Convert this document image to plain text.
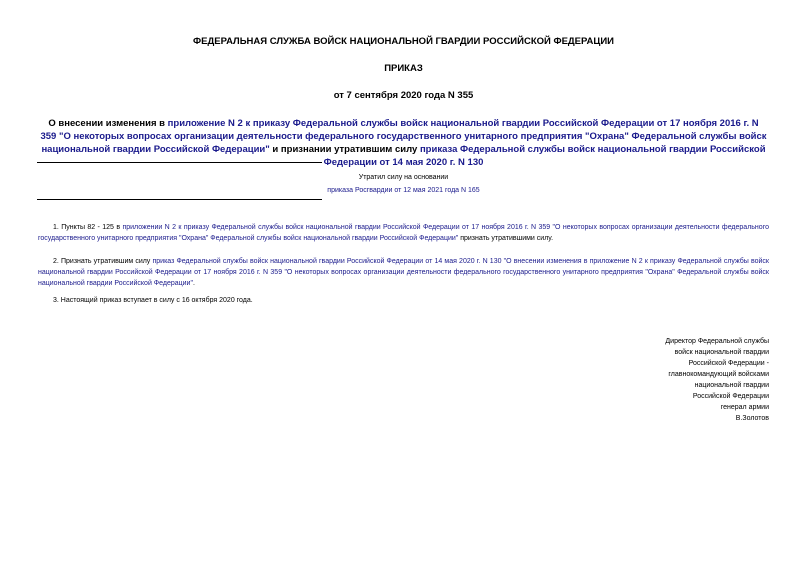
ФЕДЕРАЛЬНАЯ СЛУЖБА ВОЙСК НАЦИОНАЛЬНОЙ ГВАРДИИ РОССИЙСКОЙ ФЕДЕРАЦИИ
ПРИКАЗ
от 7 сентября 2020 года N 355
О внесении изменения в приложение N 2 к приказу Федеральной службы войск национальной гвардии Российской Федерации от 17 ноября 2016 г. N 359 "О некоторых вопросах организации деятельности федерального государственного унитарного предприятия "Охрана" Федеральной службы войск национальной гвардии Российской Федерации" и признании утратившим силу приказа Федеральной службы войск национальной гвардии Российской Федерации от 14 мая 2020 г. N 130
Утратил силу на основании
приказа Росгвардии от 12 мая 2021 года N 165
1. Пункты 82 - 125 в приложении N 2 к приказу Федеральной службы войск национальной гвардии Российской Федерации от 17 ноября 2016 г. N 359 "О некоторых вопросах организации деятельности федерального государственного унитарного предприятия "Охрана" Федеральной службы войск национальной гвардии Российской Федерации" признать утратившими силу.
2. Признать утратившим силу приказ Федеральной службы войск национальной гвардии Российской Федерации от 14 мая 2020 г. N 130 "О внесении изменения в приложение N 2 к приказу Федеральной службы войск национальной гвардии Российской Федерации от 17 ноября 2016 г. N 359 "О некоторых вопросах организации деятельности федерального государственного унитарного предприятия "Охрана" Федеральной службы войск национальной гвардии Российской Федерации".
3. Настоящий приказ вступает в силу с 16 октября 2020 года.
Директор Федеральной службы
войск национальной гвардии
Российской Федерации -
главнокомандующий войсками
национальной гвардии
Российской Федерации
генерал армии
В.Золотов
